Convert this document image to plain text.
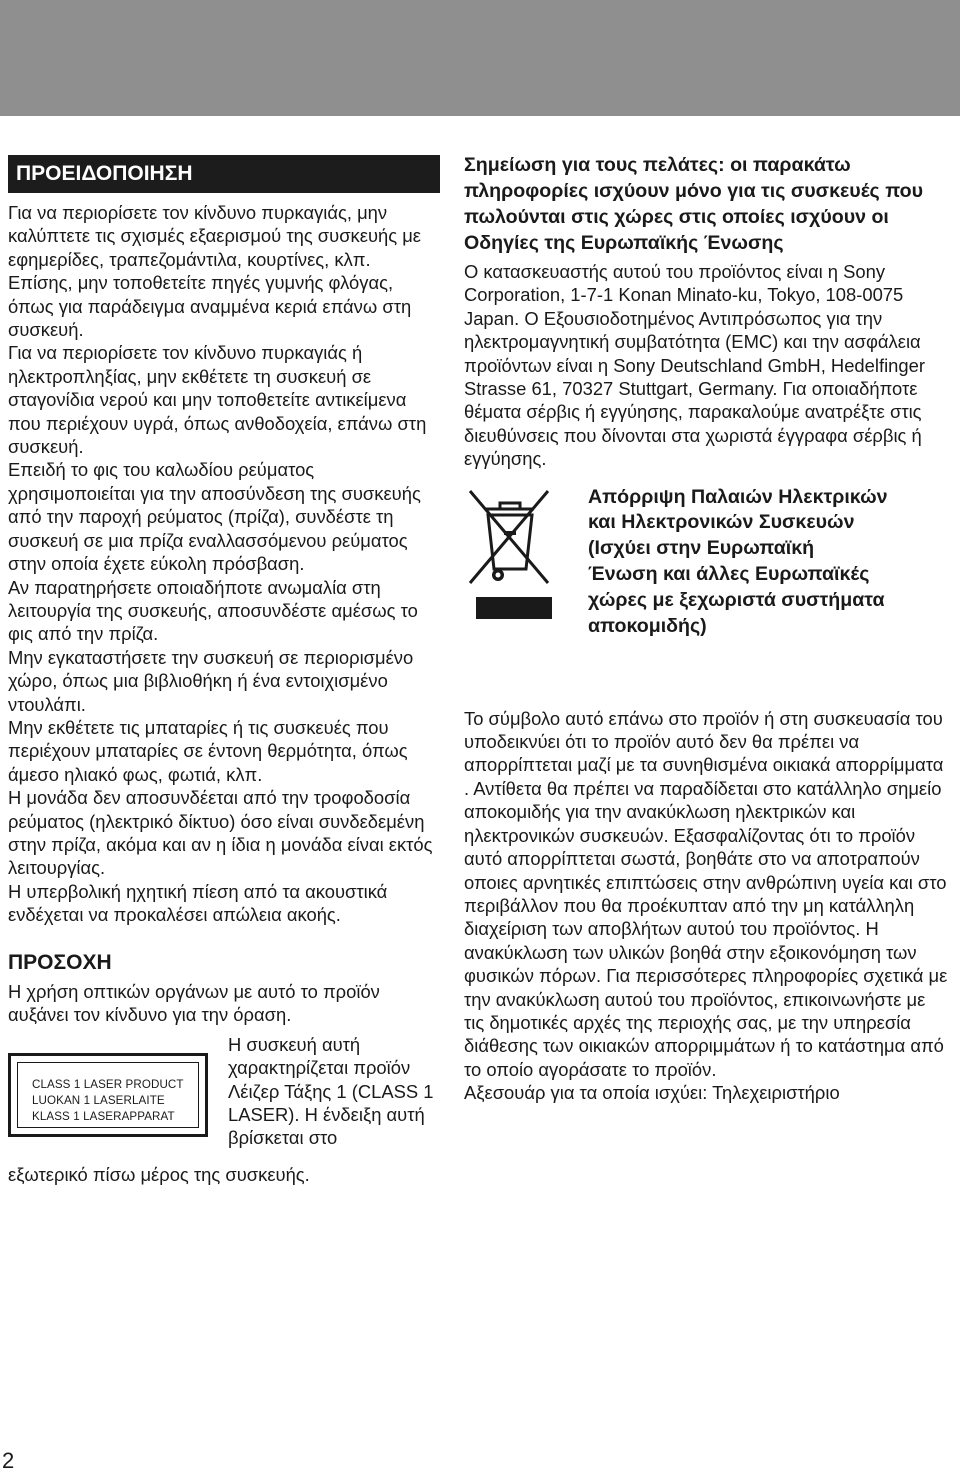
ΠΡΟΕΙΔΟΠΟΙΗΣΗ

Για να περιορίσετε τον κίνδυνο πυρκαγιάς, μην καλύπτετε τις σχισμές εξαερισμού της συσκευής με εφημερίδες, τραπεζομάντιλα, κουρτίνες, κλπ. Επίσης, μην τοποθετείτε πηγές γυμνής φλόγας, όπως για παράδειγμα αναμμένα κεριά επάνω στη συσκευή.

Για να περιορίσετε τον κίνδυνο πυρκαγιάς ή ηλεκτροπληξίας, μην εκθέτετε τη συσκευή σε σταγονίδια νερού και μην τοποθετείτε αντικείμενα που περιέχουν υγρά, όπως ανθοδοχεία, επάνω στη συσκευή.

Επειδή το φις του καλωδίου ρεύματος χρησιμοποιείται για την αποσύνδεση της συσκευής από την παροχή ρεύματος (πρίζα), συνδέστε τη συσκευή σε μια πρίζα εναλλασσόμενου ρεύματος στην οποία έχετε εύκολη πρόσβαση.

Αν παρατηρήσετε οποιαδήποτε ανωμαλία στη λειτουργία της συσκευής, αποσυνδέστε αμέσως το φις από την πρίζα.

Μην εγκαταστήσετε την συσκευή σε περιορισμένο χώρο, όπως μια βιβλιοθήκη ή ένα εντοιχισμένο ντουλάπι.

Μην εκθέτετε τις μπαταρίες ή τις συσκευές που περιέχουν μπαταρίες σε έντονη θερμότητα, όπως άμεσο ηλιακό φως, φωτιά, κλπ.

Η μονάδα δεν αποσυνδέεται από την τροφοδοσία ρεύματος (ηλεκτρικό δίκτυο) όσο είναι συνδεδεμένη στην πρίζα, ακόμα και αν η ίδια η μονάδα είναι εκτός λειτουργίας.

Η υπερβολική ηχητική πίεση από τα ακουστικά ενδέχεται να προκαλέσει απώλεια ακοής.

ΠΡΟΣΟΧΗ

Η χρήση οπτικών οργάνων με αυτό το προϊόν αυξάνει τον κίνδυνο για την όραση.

CLASS 1 LASER PRODUCT
LUOKAN 1 LASERLAITE
KLASS 1 LASERAPPARAT
Η συσκευή αυτή χαρακτηρίζεται προϊόν Λέιζερ Τάξης 1 (CLASS 1 LASER). Η ένδειξη αυτή βρίσκεται στο

εξωτερικό πίσω μέρος της συσκευής.

Σημείωση για τους πελάτες: οι παρακάτω πληροφορίες ισχύουν μόνο για τις συσκευές που πωλούνται στις χώρες στις οποίες ισχύουν οι Οδηγίες της Ευρωπαϊκής Ένωσης

Ο κατασκευαστής αυτού του προϊόντος είναι η Sony Corporation, 1-7-1 Konan Minato-ku, Tokyo, 108-0075 Japan. Ο Εξουσιοδοτημένος Αντιπρόσωπος για την ηλεκτρομαγνητική συμβατότητα (EMC) και την ασφάλεια προϊόντων είναι η Sony Deutschland GmbH, Hedelfinger Strasse 61, 70327 Stuttgart, Germany. Για οποιαδήποτε θέματα σέρβις ή εγγύησης, παρακαλούμε ανατρέξτε στις διευθύνσεις που δίνονται στα χωριστά έγγραφα σέρβις ή εγγύησης.

Απόρριψη Παλαιών Ηλεκτρικών και Ηλεκτρονικών Συσκευών (Ισχύει στην Ευρωπαϊκή Ένωση και άλλες Ευρωπαϊκές χώρες με ξεχωριστά συστήματα αποκομιδής)

Το σύμβολο αυτό επάνω στο προϊόν ή στη συσκευασία του υποδεικνύει ότι το προϊόν αυτό δεν θα πρέπει να απορρίπτεται μαζί με τα συνηθισμένα οικιακά απορρίμματα . Αντίθετα θα πρέπει να παραδίδεται στο κατάλληλο σημείο αποκομιδής για την ανακύκλωση ηλεκτρικών και ηλεκτρονικών συσκευών. Εξασφαλίζοντας ότι το προϊόν αυτό απορρίπτεται σωστά, βοηθάτε στο να αποτραπούν οποιες αρνητικές επιπτώσεις στην ανθρώπινη υγεία και στο περιβάλλον που θα προέκυπταν από την μη κατάλληλη διαχείριση των αποβλήτων αυτού του προϊόντος. Η ανακύκλωση των υλικών βοηθά στην εξοικονόμηση των φυσικών πόρων. Για περισσότερες πληροφορίες σχετικά με την ανακύκλωση αυτού του προϊόντος, επικοινωνήστε με τις δημοτικές αρχές της περιοχής σας, με την υπηρεσία διάθεσης των οικιακών απορριμμάτων ή το κατάστημα από το οποίο αγοράσατε το προϊόν.

Αξεσουάρ για τα οποία ισχύει: Τηλεχειριστήριο

2
